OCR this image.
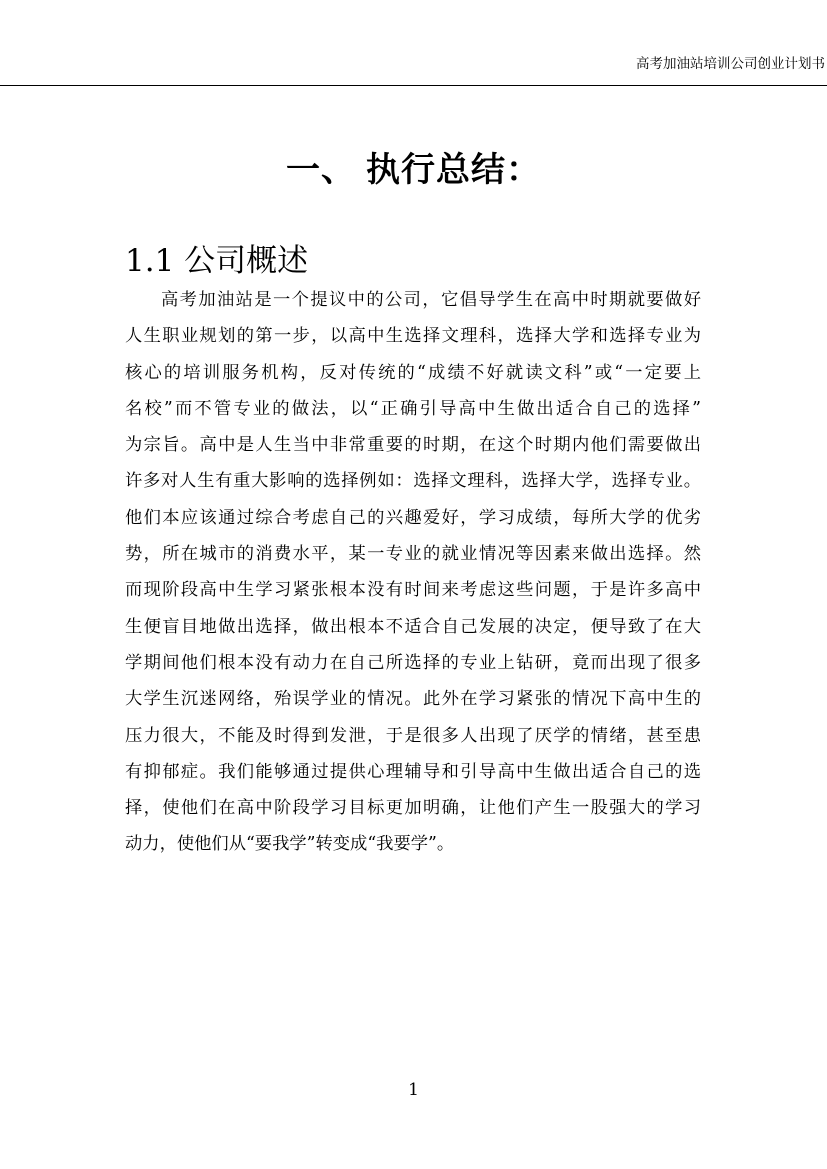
高考加油站培训公司创业计划书
一、 执行总结：
1.1 公司概述
高考加油站是一个提议中的公司，它倡导学生在高中时期就要做好
人生职业规划的第一步，以高中生选择文理科，选择大学和选择专业为
核心的培训服务机构，反对传统的“成绩不好就读文科”或“一定要上
名校”而不管专业的做法，以“正确引导高中生做出适合自己的选择”
为宗旨。高中是人生当中非常重要的时期，在这个时期内他们需要做出
许多对人生有重大影响的选择例如：选择文理科，选择大学，选择专业。
他们本应该通过综合考虑自己的兴趣爱好，学习成绩，每所大学的优劣
势，所在城市的消费水平，某一专业的就业情况等因素来做出选择。然
而现阶段高中生学习紧张根本没有时间来考虑这些问题，于是许多高中
生便盲目地做出选择，做出根本不适合自己发展的决定，便导致了在大
学期间他们根本没有动力在自己所选择的专业上钻研，竟而出现了很多
大学生沉迷网络，殆误学业的情况。此外在学习紧张的情况下高中生的
压力很大，不能及时得到发泄，于是很多人出现了厌学的情绪，甚至患
有抑郁症。我们能够通过提供心理辅导和引导高中生做出适合自己的选
择，使他们在高中阶段学习目标更加明确，让他们产生一股强大的学习
动力，使他们从“要我学”转变成“我要学”。
1
